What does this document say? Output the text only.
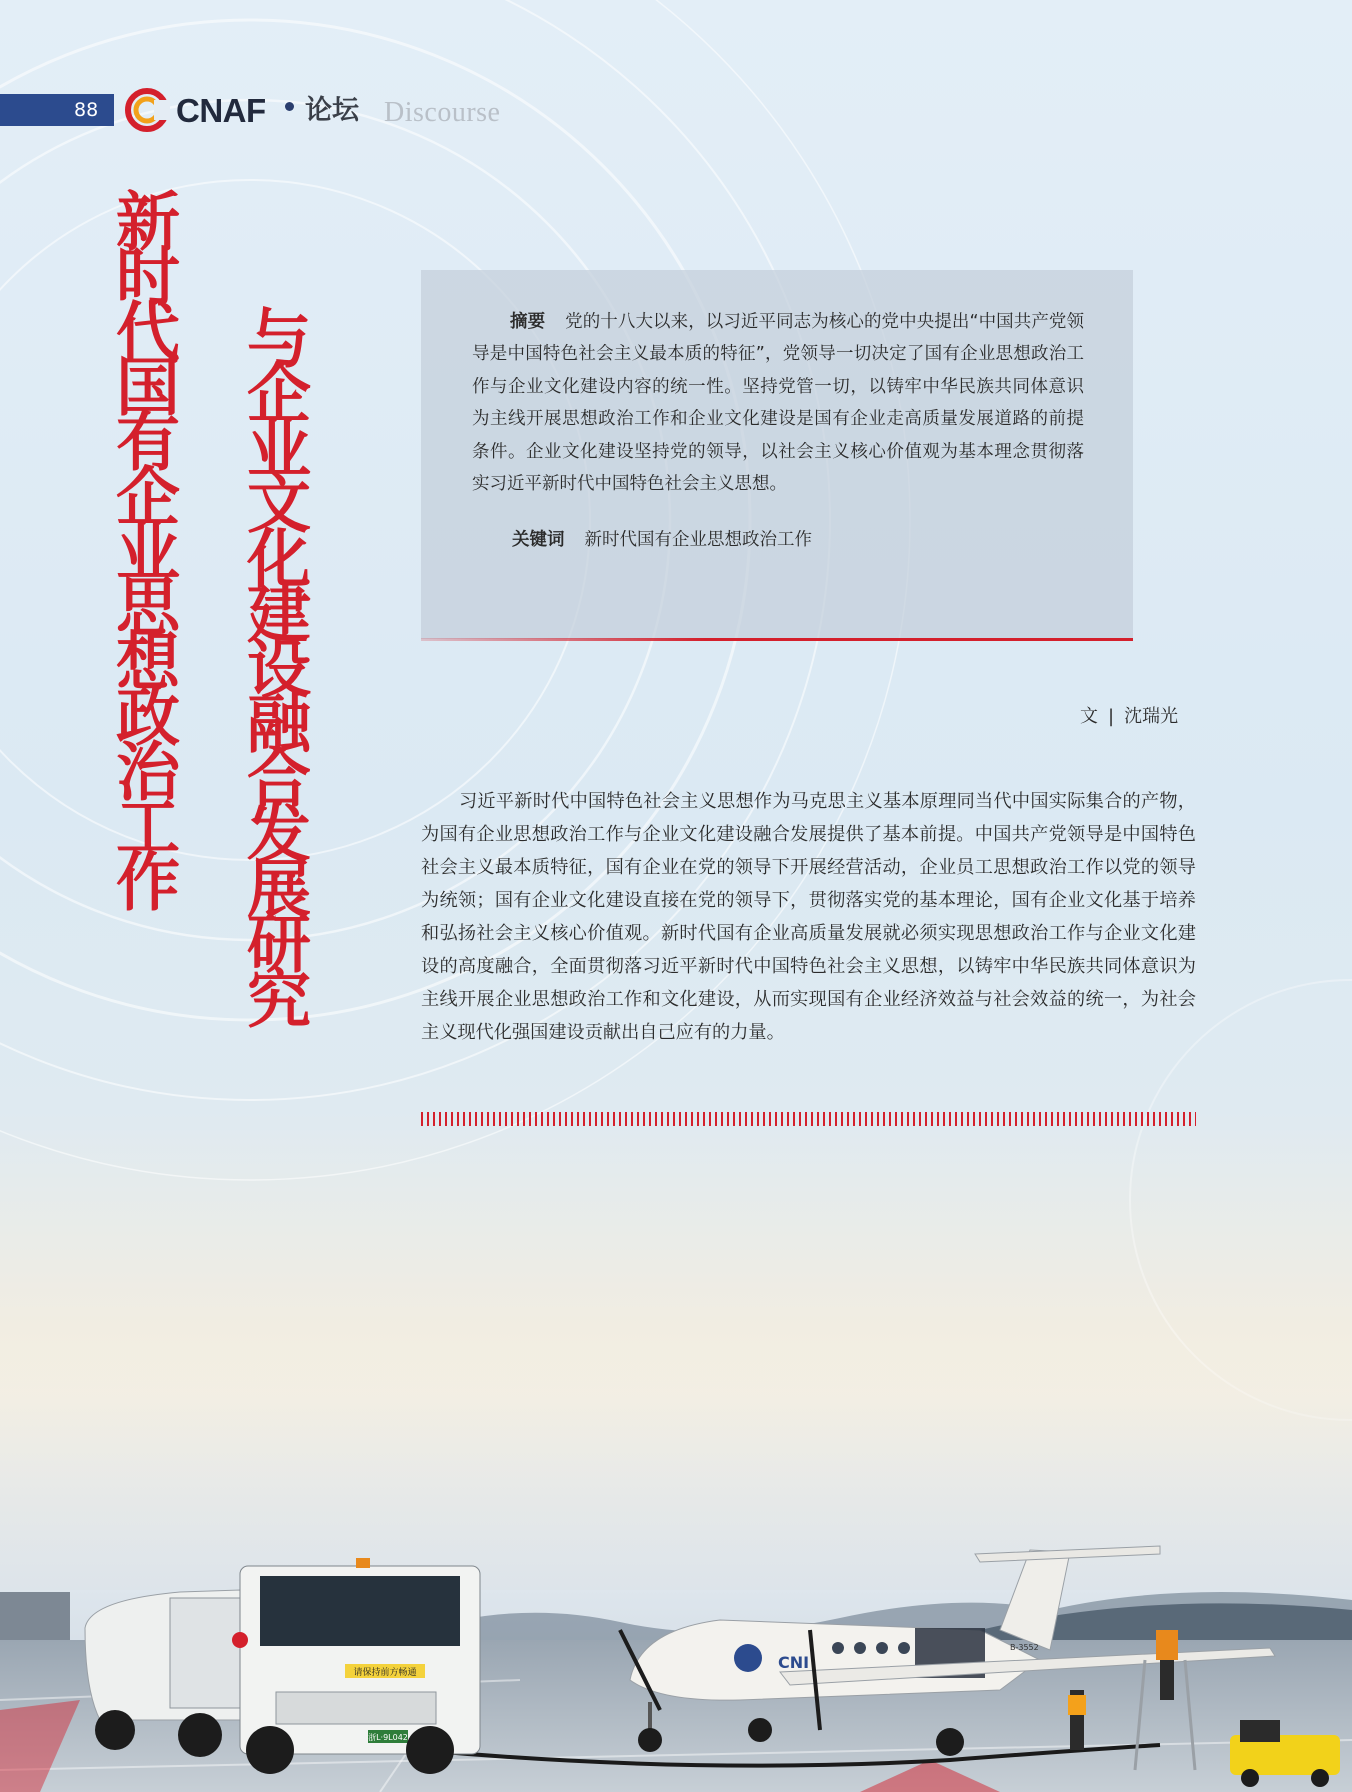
88 CNAF 论坛 Discourse
新时代国有企业思想政治工作 与企业文化建设融合发展研究	摘要 党的十八大以来，以习近平同志为核心的党中央提出“中国共产党领导是中国特色社会主义最本质的特征”，党领导一切决定了国有企业思想政治工作与企业文化建设内容的统一性。坚持党管一切，以铸牢中华民族共同体意识为主线开展思想政治工作和企业文化建设是国有企业走高质量发展道路的前提条件。企业文化建设坚持党的领导，以社会主义核心价值观为基本理念贯彻落实习近平新时代中国特色社会主义思想。

关键词 新时代国有企业思想政治工作

文 | 沈瑞光

习近平新时代中国特色社会主义思想作为马克思主义基本原理同当代中国实际集合的产物，为国有企业思想政治工作与企业文化建设融合发展提供了基本前提。中国共产党领导是中国特色社会主义最本质特征，国有企业在党的领导下开展经营活动，企业员工思想政治工作以党的领导为统领；国有企业文化建设直接在党的领导下，贯彻落实党的基本理论，国有企业文化基于培养和弘扬社会主义核心价值观。新时代国有企业高质量发展就必须实现思想政治工作与企业文化建设的高度融合，全面贯彻落习近平新时代中国特色社会主义思想，以铸牢中华民族共同体意识为主线开展企业思想政治工作和文化建设，从而实现国有企业经济效益与社会效益的统一，为社会主义现代化强国建设贡献出自己应有的力量。

请保持前方畅通
浙L·9L042
CNI
B-3552
